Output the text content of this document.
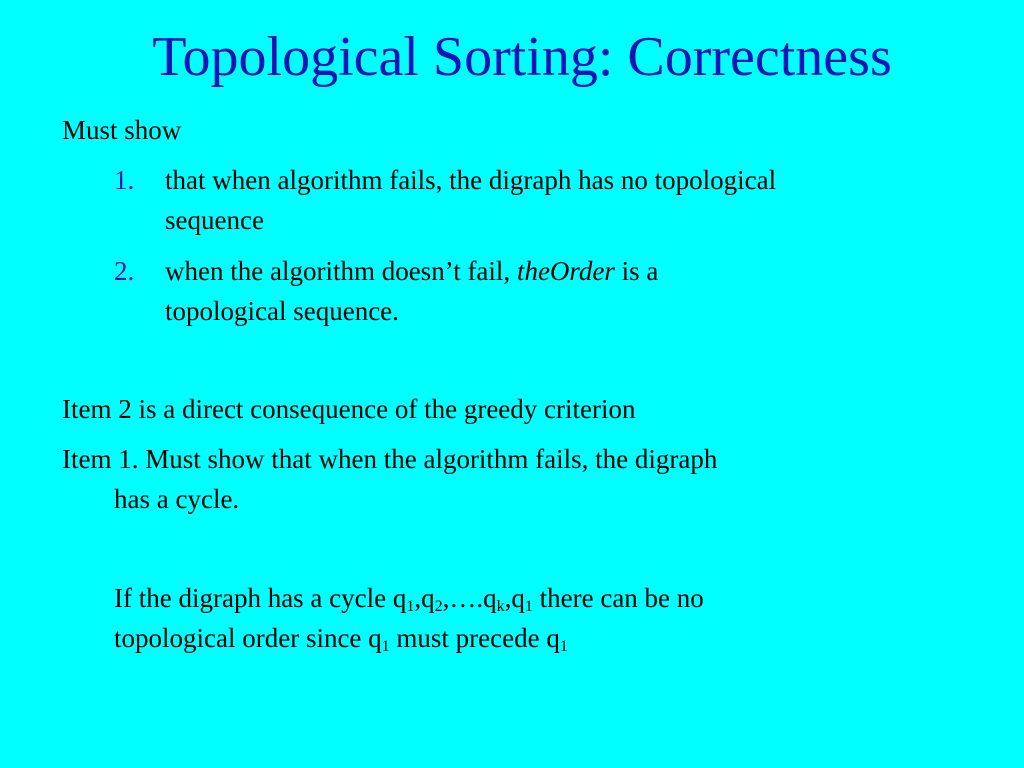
Topological Sorting: Correctness
Must show
1. that when algorithm fails, the digraph has no topological
sequence
2. when the algorithm doesn’t fail, theOrder is a
topological sequence.
Item 2 is a direct consequence of the greedy criterion
Item 1. Must show that when the algorithm fails, the digraph
has a cycle.
If the digraph has a cycle $q_1,q_2,\dots.q_k,q_1$ there can be no
topological order since $q_1$ must precede $q_1$
